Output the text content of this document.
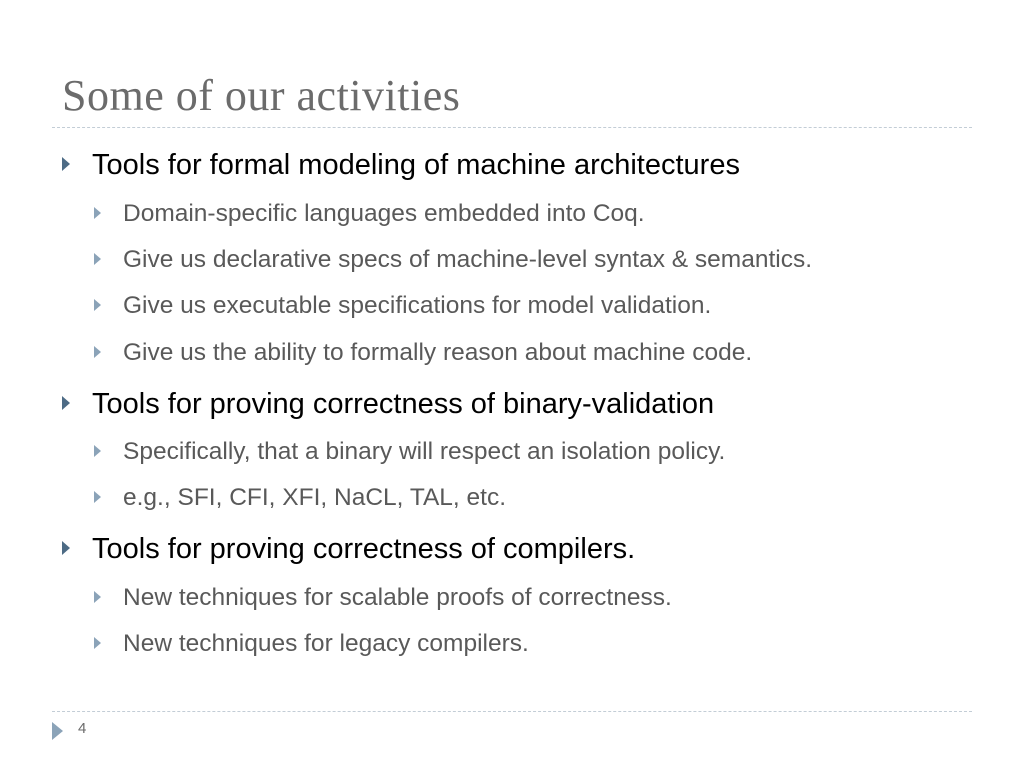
Some of our activities
Tools for formal modeling of machine architectures
Domain-specific languages embedded into Coq.
Give us declarative specs of machine-level syntax & semantics.
Give us executable specifications for model validation.
Give us the ability to formally reason about machine code.
Tools for proving correctness of binary-validation
Specifically, that a binary will respect an isolation policy.
e.g., SFI, CFI, XFI, NaCL, TAL, etc.
Tools for proving correctness of compilers.
New techniques for scalable proofs of correctness.
New techniques for legacy compilers.
4
